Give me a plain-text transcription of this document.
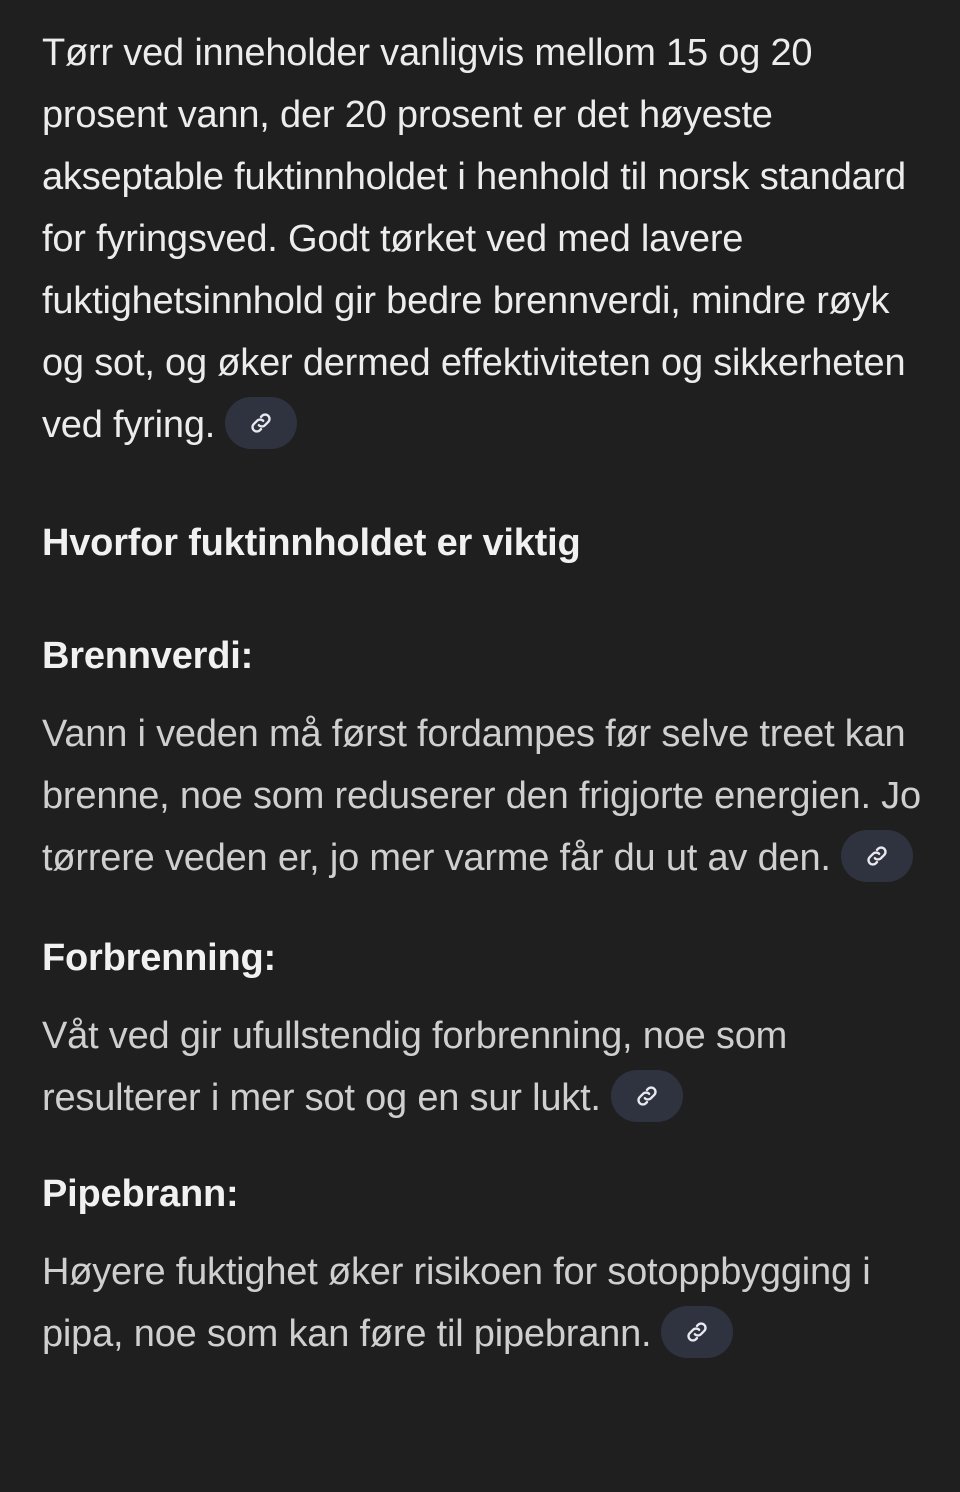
Tørr ved inneholder vanligvis mellom 15 og 20 prosent vann, der 20 prosent er det høyeste akseptable fuktinnholdet i henhold til norsk standard for fyringsved. Godt tørket ved med lavere fuktighetsinnhold gir bedre brennverdi, mindre røyk og sot, og øker dermed effektiviteten og sikkerheten ved fyring.

Hvorfor fuktinnholdet er viktig
Brennverdi:

Vann i veden må først fordampes før selve treet kan brenne, noe som reduserer den frigjorte energien. Jo tørrere veden er, jo mer varme får du ut av den.

Forbrenning:

Våt ved gir ufullstendig forbrenning, noe som resulterer i mer sot og en sur lukt.

Pipebrann:

Høyere fuktighet øker risikoen for sotoppbygging i pipa, noe som kan føre til pipebrann.
